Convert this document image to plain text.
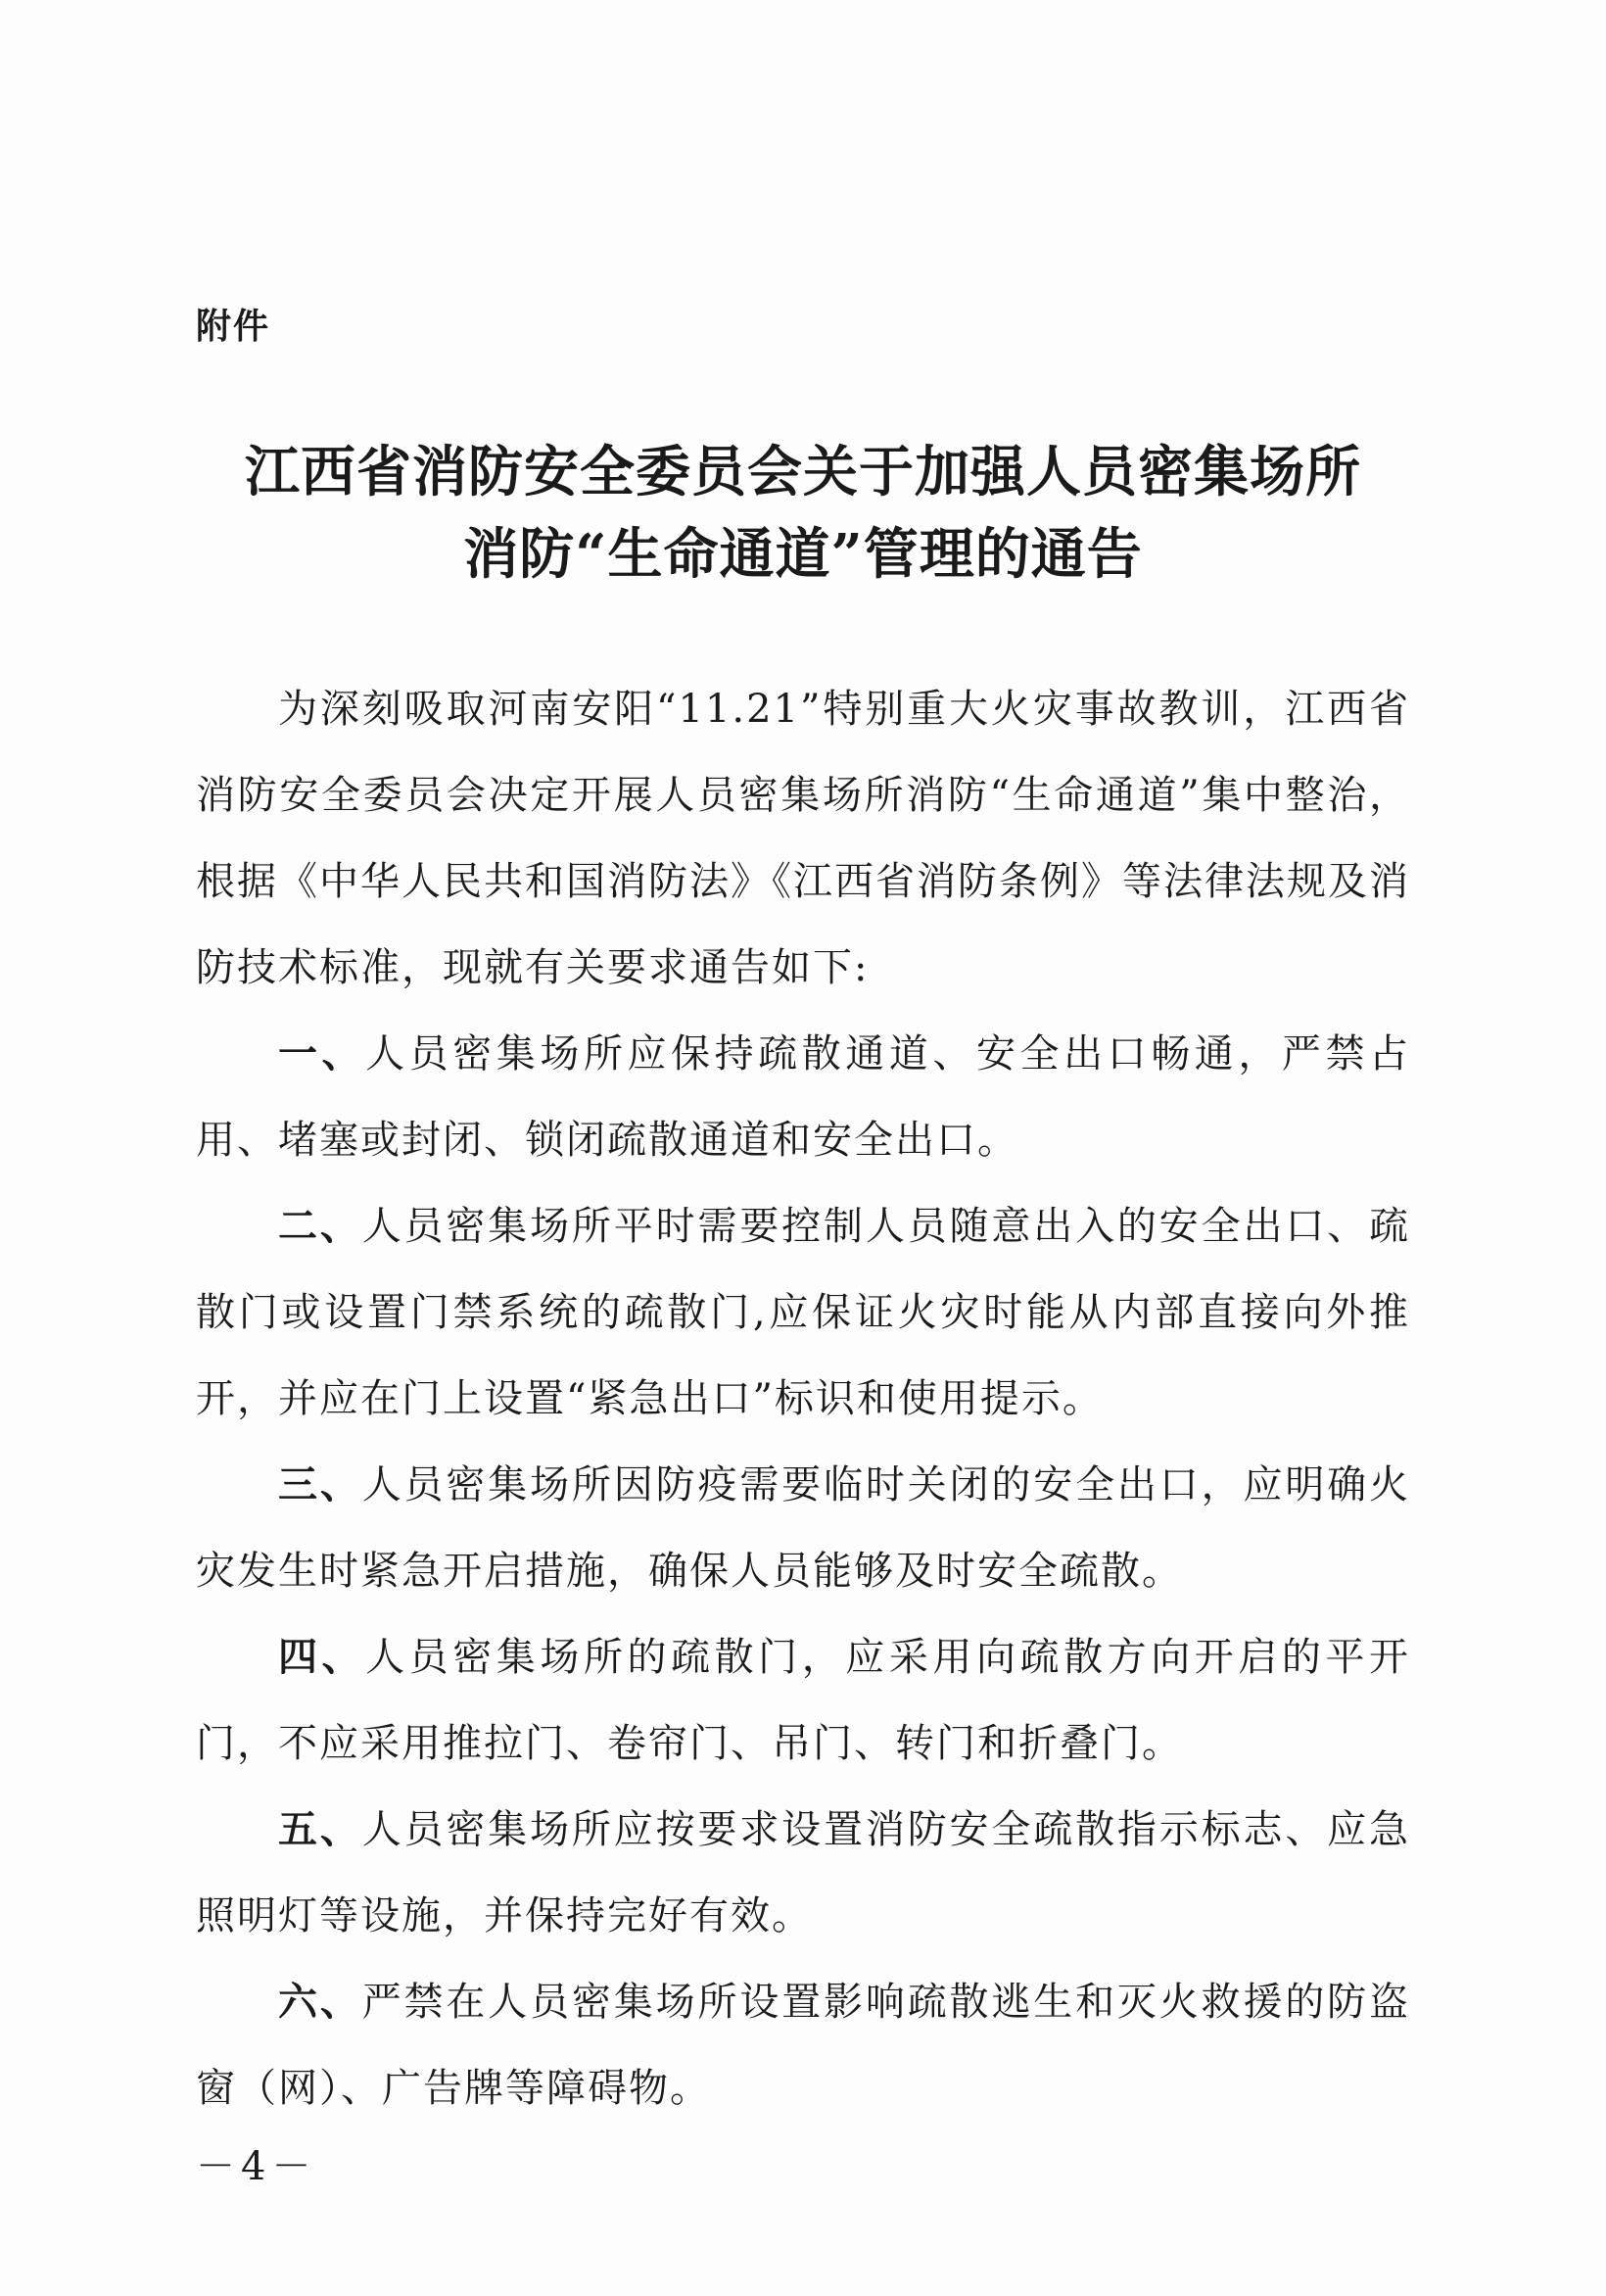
附件
江西省消防安全委员会关于加强人员密集场所
消防“生命通道”管理的通告

为深刻吸取河南安阳“11.21”特别重大火灾事故教训，江西省消防安全委员会决定开展人员密集场所消防“生命通道”集中整治，根据《中华人民共和国消防法》《江西省消防条例》等法律法规及消防技术标准，现就有关要求通告如下:

一、人员密集场所应保持疏散通道、安全出口畅通，严禁占用、堵塞或封闭、锁闭疏散通道和安全出口。

二、人员密集场所平时需要控制人员随意出入的安全出口、疏散门或设置门禁系统的疏散门,应保证火灾时能从内部直接向外推开，并应在门上设置“紧急出口”标识和使用提示。

三、人员密集场所因防疫需要临时关闭的安全出口，应明确火灾发生时紧急开启措施，确保人员能够及时安全疏散。

四、人员密集场所的疏散门，应采用向疏散方向开启的平开门，不应采用推拉门、卷帘门、吊门、转门和折叠门。

五、人员密集场所应按要求设置消防安全疏散指示标志、应急照明灯等设施，并保持完好有效。

六、严禁在人员密集场所设置影响疏散逃生和灭火救援的防盗窗（网）、广告牌等障碍物。

－4－
